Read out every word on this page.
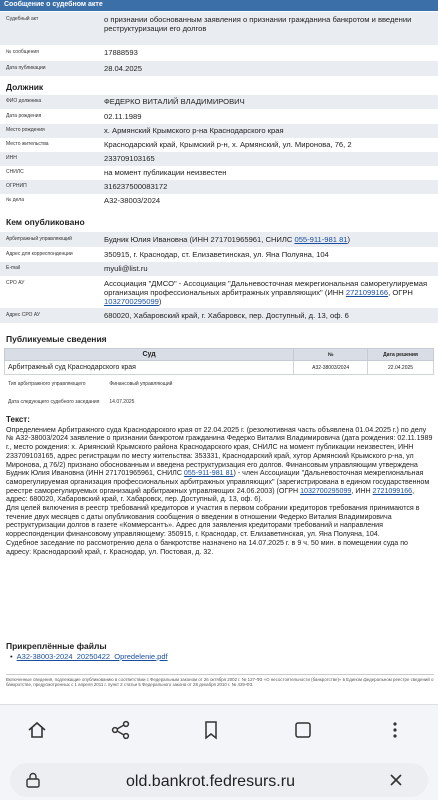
Сообщение о судебном акте
Судебный акт	о признании обоснованным заявления о признании гражданина банкротом и введении реструктуризации его долгов
№ сообщения	17888593
Дата публикации	28.04.2025
Должник
ФИО должника	ФЕДЕРКО ВИТАЛИЙ ВЛАДИМИРОВИЧ
Дата рождения	02.11.1989
Место рождения	х. Армянский Крымского р-на Краснодарского края
Место жительства	Краснодарский край, Крымский р-н, х. Армянский, ул. Миронова, 76, 2
ИНН	233709103165
СНИЛС	на момент публикации неизвестен
ОГРНИП	316237500083172
№ дела	А32-38003/2024
Кем опубликовано
Арбитражный управляющий	Будник Юлия Ивановна (ИНН 271701965961, СНИЛС 055-911-981 81)
Адрес для корреспонденции	350915, г. Краснодар, ст. Елизаветинская, ул. Яна Полуяна, 104
E-mail	myuli@list.ru
СРО АУ	Ассоциация "ДМСО" - Ассоциация "Дальневосточная межрегиональная саморегулируемая организация профессиональных арбитражных управляющих" (ИНН 2721099166, ОГРН 1032700295099)
Адрес СРО АУ	680020, Хабаровский край, г. Хабаровск, пер. Доступный, д. 13, оф. 6
Публикуемые сведения
Суд	№	Дата решения
Арбитражный суд Краснодарского края	А32-38003/2024	22.04.2025
Тип арбитражного управляющего	Финансовый управляющий
Дата следующего судебного заседания 14.07.2025
Текст:
Определением Арбитражного суда Краснодарского края от 22.04.2025 г. (резолютивная часть объявлена 01.04.2025 г.) по делу № А32-38003/2024 заявление о признании банкротом гражданина Федерко Виталия Владимировича (дата рождения: 02.11.1989 г., место рождения: х. Армянский Крымского района Краснодарского края, СНИЛС на момент публикации неизвестен, ИНН 233709103165, адрес регистрации по месту жительства: 353331, Краснодарский край, хутор Армянский Крымского р-на, ул Миронова, д 76/2) признано обоснованным и введена реструктуризация его долгов. Финансовым управляющим утверждена Будник Юлия Ивановна (ИНН 271701965961, СНИЛС 055-911-981 81) - член Ассоциации "Дальневосточная межрегиональная саморегулируемая организация профессиональных арбитражных управляющих" (зарегистрирована в едином государственном реестре саморегулируемых организаций арбитражных управляющих 24.06.2003) (ОГРН 1032700295099, ИНН 2721099166, адрес: 680020, Хабаровский край, г. Хабаровск, пер. Доступный, д. 13, оф. 6).
Для целей включения в реестр требований кредиторов и участия в первом собрании кредиторов требования принимаются в течение двух месяцев с даты опубликования сообщения о введении в отношении Федерко Виталия Владимировича реструктуризации долгов в газете «Коммерсантъ». Адрес для заявления кредиторами требований и направления корреспонденции финансовому управляющему: 350915, г. Краснодар, ст. Елизаветинская, ул. Яна Полуяна, 104.
Судебное заседание по рассмотрению дела о банкротстве назначено на 14.07.2025 г. в 9 ч. 50 мин. в помещении суда по адресу: Краснодарский край, г. Краснодар, ул. Постовая, д. 32.
Прикреплённые файлы
• А32-38003-2024_20250422_Opredelenie.pdf
Включенные сведения, подлежащие опубликованию в соответствии с Федеральным законом от 26 октября 2002 г. № 127-ФЗ «О несостоятельности (банкротстве)» в Едином федеральном реестре сведений о банкротстве, предусмотренных с 1 апреля 2011 г. пункт 2 статьи 5 Федерального закона от 28 декабря 2010 г. № 429-ФЗ.
old.bankrot.fedresurs.ru
